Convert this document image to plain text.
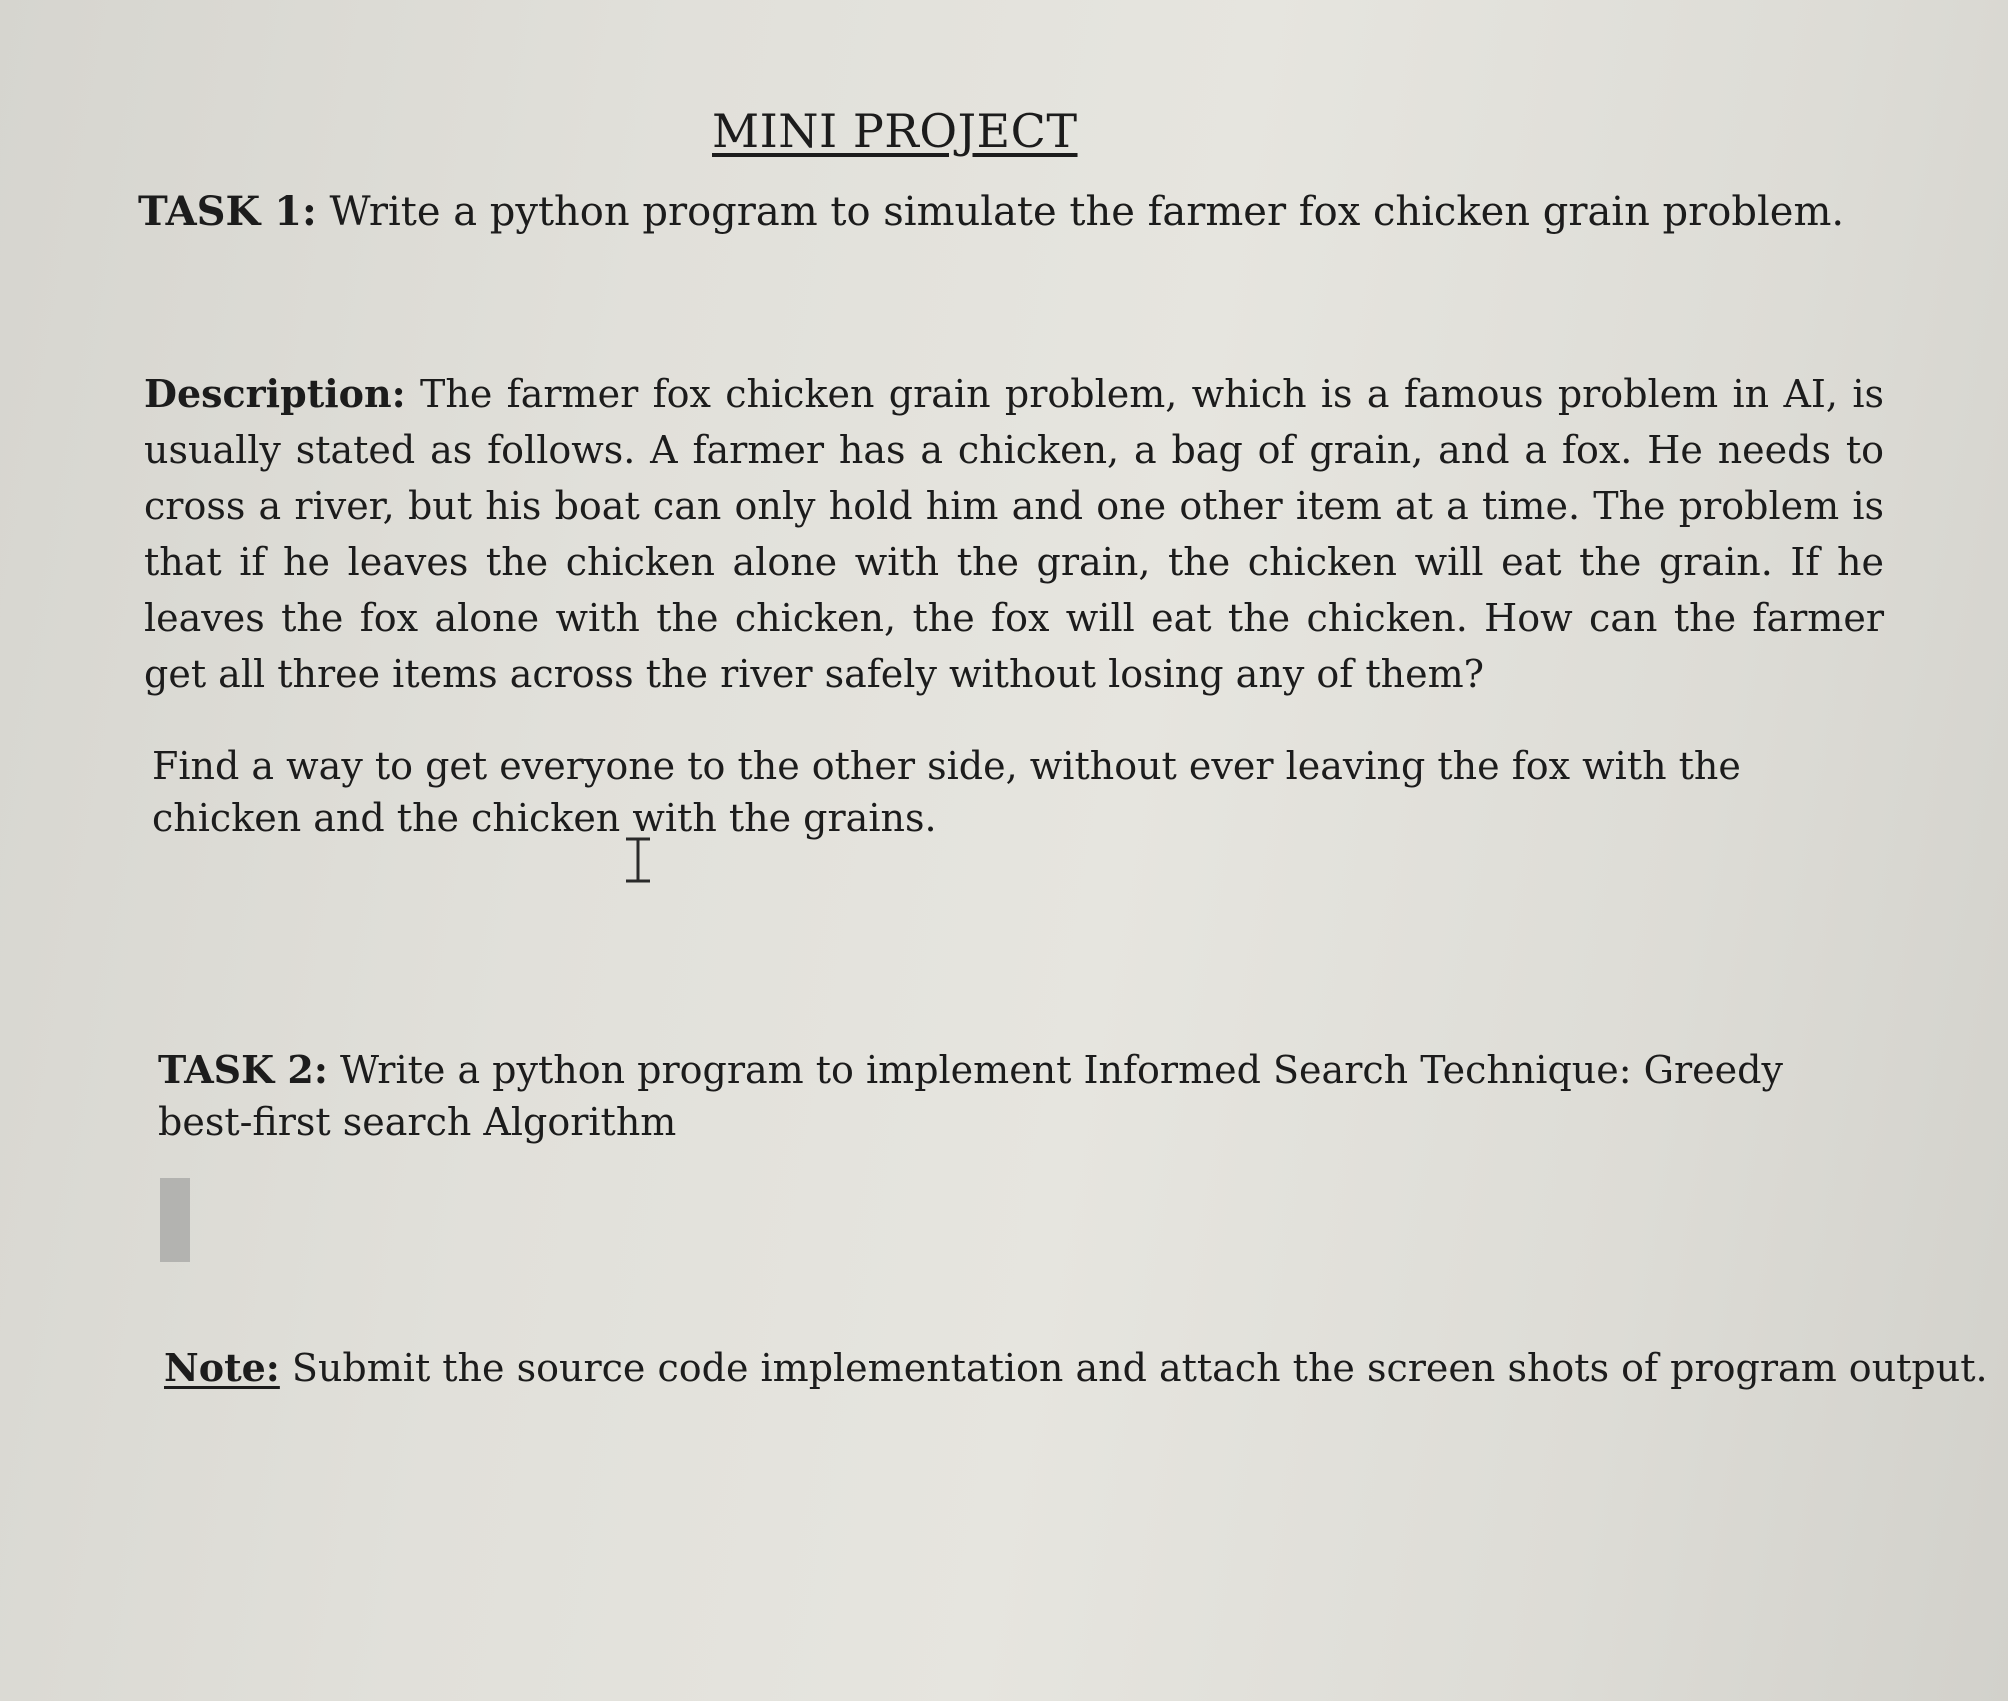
MINI PROJECT
TASK 1: Write a python program to simulate the farmer fox chicken grain problem.
Description: The farmer fox chicken grain problem, which is a famous problem in AI, is usually stated as follows. A farmer has a chicken, a bag of grain, and a fox. He needs to cross a river, but his boat can only hold him and one other item at a time. The problem is that if he leaves the chicken alone with the grain, the chicken will eat the grain. If he leaves the fox alone with the chicken, the fox will eat the chicken. How can the farmer get all three items across the river safely without losing any of them?
Find a way to get everyone to the other side, without ever leaving the fox with the chicken and the chicken with the grains.
TASK 2: Write a python program to implement Informed Search Technique: Greedy best-first search Algorithm
Note: Submit the source code implementation and attach the screen shots of program output.
